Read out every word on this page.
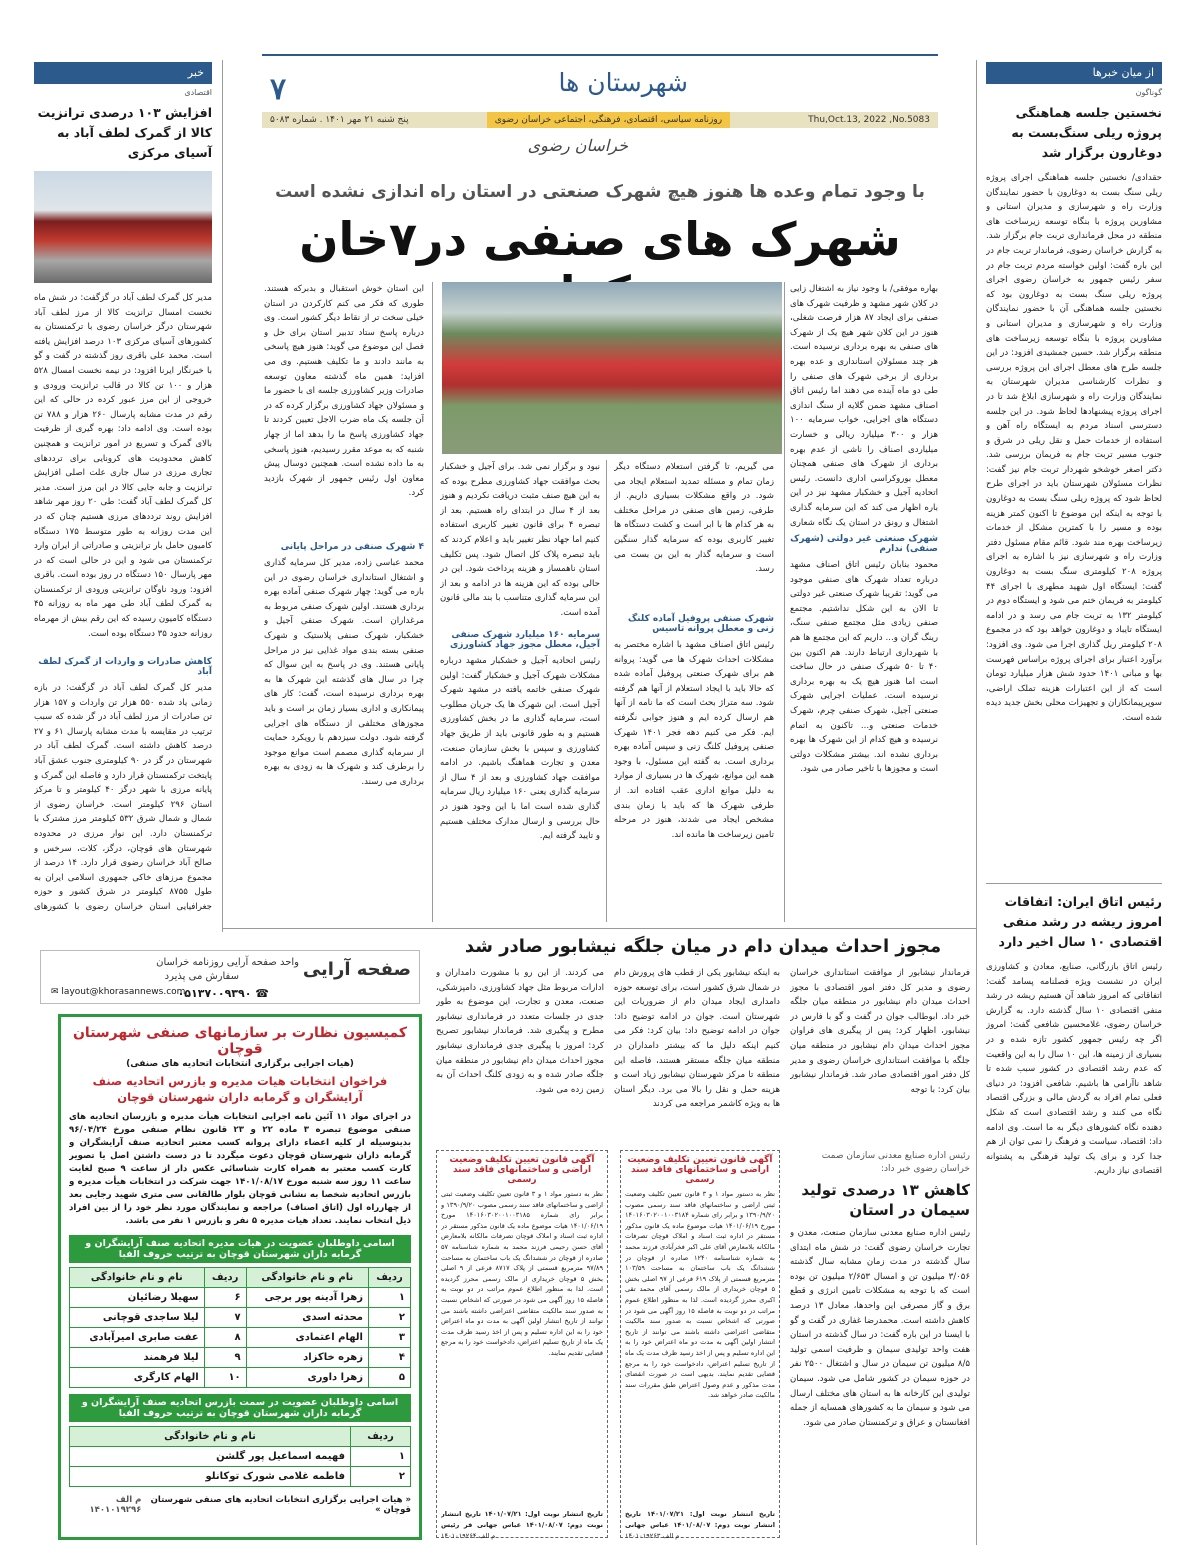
شهرستان ها
۷
Thu,Oct.13, 2022 ,No.5083
روزنامه سیاسی، اقتصادی، فرهنگی، اجتماعی خراسان رضوی
پنج شنبه ۲۱ مهر ۱۴۰۱ . شماره ۵۰۸۳
خراسان رضوی
از میان خبرها
گوناگون
نخستین جلسه هماهنگی پروژه ریلی سنگ‌بست به دوغارون برگزار شد
حقدادی/ نخستین جلسه هماهنگی اجرای پروژه ریلی سنگ بست به دوغارون با حضور نمایندگان وزارت راه و شهرسازی و مدیران استانی و مشاورین پروژه با بنگاه توسعه زیرساخت های منطقه در محل فرمانداری تربت جام برگزار شد. به گزارش خراسان رضوی، فرماندار تربت جام در این باره گفت: اولین خواسته مردم تربت جام در سفر رئیس جمهور به خراسان رضوی اجرای پروژه ریلی سنگ بست به دوغارون بود که نخستین جلسه هماهنگی آن با حضور نمایندگان وزارت راه و شهرسازی و مدیران استانی و مشاورین پروژه با بنگاه توسعه زیرساخت های منطقه برگزار شد. حسین جمشیدی افزود: در این جلسه طرح های معطل اجرای این پروژه بررسی و نظرات کارشناسی مدیران شهرستان به نمایندگان وزارت راه و شهرسازی ابلاغ شد تا در اجرای پروژه پیشنهادها لحاظ شود. در این جلسه دسترسی اسناد مردم به ایستگاه راه آهن و استفاده از خدمات حمل و نقل ریلی در شرق و جنوب مسیر تربت جام به فریمان بررسی شد. دکتر اصغر خوشخو شهردار تربت جام نیز گفت: نظرات مسئولان شهرستان باید در اجرای طرح لحاظ شود که پروژه ریلی سنگ بست به دوغارون با توجه به اینکه این موضوع تا اکنون کمتر هزینه بوده و مسیر را با کمترین مشکل از خدمات زیرساخت بهره مند شود. قائم مقام مسئول دفتر وزارت راه و شهرسازی نیز با اشاره به اجرای پروژه ۲۰۸ کیلومتری سنگ بست به دوغارون گفت: ایستگاه اول شهید مطهری با اجرای ۴۴ کیلومتر به فریمان ختم می شود و ایستگاه دوم در کیلومتر ۱۳۲ به تربت جام می رسد و در ادامه ایستگاه تایباد و دوغارون خواهد بود که در مجموع ۲۰۸ کیلومتر ریل گذاری اجرا می شود. وی افزود: برآورد اعتبار برای اجرای پروژه براساس فهرست بها و مبانی ۱۴۰۱ حدود شش هزار میلیارد تومان است که از این اعتبارات هزینه تملک اراضی، سوپرپیمانکاران و تجهیزات محلی بخش جدید دیده شده است.
رئیس اتاق ایران: اتفاقات امروز ریشه در رشد منفی اقتصادی ۱۰ سال اخیر دارد
رئیس اتاق بازرگانی، صنایع، معادن و کشاورزی ایران در نشست ویژه فصلنامه پسامد گفت: اتفاقاتی که امروز شاهد آن هستیم ریشه در رشد منفی اقتصادی ۱۰ سال گذشته دارد. به گزارش خراسان رضوی، غلامحسین شافعی گفت: امروز اگر چه رئیس جمهور کشور تازه شده و در بسیاری از زمینه ها، این ۱۰ سال را به این واقعیت که عدم رشد اقتصادی در کشور سبب شده تا شاهد ناآرامی ها باشیم. شافعی افزود: در دنیای فعلی تمام افراد به گردش مالی و بزرگی اقتصاد نگاه می کنند و رشد اقتصادی است که شکل دهنده نگاه کشورهای دیگر به ما است. وی ادامه داد: اقتصاد، سیاست و فرهنگ را نمی توان از هم جدا کرد و برای یک تولید فرهنگی به پشتوانه اقتصادی نیاز داریم.
خبر
اقتصادی
افزایش ۱۰۳ درصدی ترانزیت کالا از گمرک لطف آباد به آسیای مرکزی
مدیر کل گمرک لطف آباد در گزگفت: در شش ماه نخست امسال ترانزیت کالا از مرز لطف آباد شهرستان درگز خراسان رضوی با ترکمنستان به کشورهای آسیای مرکزی ۱۰۳ درصد افزایش یافته است. محمد علی باقری روز گذشته در گفت و گو با خبرنگار ایرنا افزود: در نیمه نخست امسال ۵۲۸ هزار و ۱۰۰ تن کالا در قالب ترانزیت ورودی و خروجی از این مرز عبور کرده در حالی که این رقم در مدت مشابه پارسال ۲۶۰ هزار و ۷۸۸ تن بوده است. وی ادامه داد: بهره گیری از ظرفیت بالای گمرک و تسریع در امور ترانزیت و همچنین کاهش محدودیت های کرونایی برای ترددهای تجاری مرزی در سال جاری علت اصلی افزایش ترانزیت و جابه جایی کالا در این مرز است. مدیر کل گمرک لطف آباد گفت: طی ۲۰ روز مهر شاهد افزایش روند ترددهای مرزی هستیم چنان که در این مدت روزانه به طور متوسط ۱۷۵ دستگاه کامیون حامل بار ترانزیتی و صادراتی از ایران وارد ترکمنستان می شود و این در حالی است که در مهر پارسال ۱۵۰ دستگاه در روز بوده است. باقری افزود: ورود ناوگان ترانزیتی ورودی از ترکمنستان به گمرک لطف آباد طی مهر ماه به روزانه ۴۵ دستگاه کامیون رسیده که این رقم بیش از مهرماه روزانه حدود ۳۵ دستگاه بوده است.
کاهش صادرات و واردات از گمرک لطف آباد
مدیر کل گمرک لطف آباد در گزگفت: در بازه زمانی یاد شده ۵۵۰ هزار تن واردات و ۱۵۷ هزار تن صادرات از مرز لطف آباد در گز شده که سبب ترتیب در مقایسه با مدت مشابه پارسال ۶۱ و ۲۷ درصد کاهش داشته است. گمرک لطف آباد در شهرستان در گز در ۹۰ کیلومتری جنوب عشق آباد پایتخت ترکمنستان قرار دارد و فاصله این گمرک و پایانه مرزی با شهر درگز ۴۰ کیلومتر و تا مرکز استان ۲۹۶ کیلومتر است. خراسان رضوی از شمال و شمال شرق ۵۳۲ کیلومتر مرز مشترک با ترکمنستان دارد. این نوار مرزی در محدوده شهرستان های قوچان، درگز، کلات، سرخس و صالح آباد خراسان رضوی قرار دارد. ۱۴ درصد از مجموع مرزهای خاکی جمهوری اسلامی ایران به طول ۸۷۵۵ کیلومتر در شرق کشور و حوزه جغرافیایی استان خراسان رضوی با کشورهای
با وجود تمام وعده ها هنوز هیچ شهرک صنعتی در استان راه اندازی نشده است
شهرک های صنفی در۷خان
بهاره موفقی/ با وجود نیاز به اشتغال زایی در کلان شهر مشهد و ظرفیت شهرک های صنفی برای ایجاد ۸۷ هزار فرصت شغلی، هنوز در این کلان شهر هیچ یک از شهرک های صنفی به بهره برداری نرسیده است. هر چند مسئولان استانداری و عده بهره برداری از برخی شهرک های صنفی را طی دو ماه آینده می دهند اما رئیس اتاق اصناف مشهد ضمن گلایه از سنگ اندازی دستگاه های اجرایی، خواب سرمایه ۱۰۰ هزار و ۳۰۰ میلیارد ریالی و خسارت میلیاردی اصناف را ناشی از عدم بهره برداری از شهرک های صنفی همچنان معطل بوروکراسی اداری دانست. رئیس اتحادیه آجیل و خشکبار مشهد نیز در این باره اظهار می کند که این سرمایه گذاری اشتغال و رونق در استان یک نگاه شعاری
شهرک صنعتی غیر دولتی (شهرک صنفی) ندارم
محمود بنابان رئیس اتاق اصناف مشهد درباره تعداد شهرک های صنفی موجود می گوید: تقریبا شهرک صنعتی غیر دولتی تا الان به این شکل نداشتیم. مجتمع صنفی زیادی مثل مجتمع صنفی سنگ، رینگ گران و... داریم که این مجتمع ها هم با شهرداری ارتباط دارند. هم اکنون بین ۴۰ تا ۵۰ شهرک صنفی در حال ساخت است اما هنوز هیچ یک به بهره برداری نرسیده است. عملیات اجرایی شهرک صنعتی آجیل، شهرک صنفی چرم، شهرک خدمات صنعتی و... تاکنون به اتمام نرسیده و هیچ کدام از این شهرک ها بهره برداری نشده اند. بیشتر مشکلات دولتی است و مجوزها با تاخیر صادر می شود.
می گیریم، تا گرفتن استعلام دستگاه دیگر زمان تمام و مسئله تمدید استعلام ایجاد می شود. در واقع مشکلات بسیاری داریم. از طرفی، زمین های صنفی در مراحل مختلف به هر کدام ها با ابر است و کشت دستگاه ها تغییر کاربری بوده که سرمایه گذار سنگین است و سرمایه گذار به این بن بست می رسد.
شهرک صنفی پروفیل آماده کلنگ زنی و معطل پروانه تاسیس
رئیس اتاق اصناف مشهد با اشاره مختصر به مشکلات احداث شهرک ها می گوید: پروانه هم برای شهرک صنعتی پروفیل آماده شده که حالا باید با ایجاد استعلام از آنها هم گرفته شود. سه متراژ بحث است که ما نامه از آنها هم ارسال کرده ایم و هنوز جوابی نگرفته ایم. فکر می کنیم دهه فجر ۱۴۰۱ شهرک صنفی پروفیل کلنگ زنی و سپس آماده بهره برداری است. به گفته این مسئول، با وجود همه این موانع، شهرک ها در بسیاری از موارد به دلیل موانع اداری عقب افتاده اند. از طرفی شهرک ها که باید با زمان بندی مشخص ایجاد می شدند، هنوز در مرحله تامین زیرساخت ها مانده اند.
نبود و برگزار نمی شد. برای آجیل و خشکبار بحث موافقت جهاد کشاورزی مطرح بوده که به این هیچ صنف مثبت دریافت نکردیم و هنوز بعد از ۴ سال در ابتدای راه هستیم. بعد از تبصره ۴ برای قانون تغییر کاربری استفاده کنیم اما جهاد نظر تغییر باید و اعلام کردند که باید تبصره پلاک کل اتصال شود. پس تکلیف استان ناهمساز و هزینه پرداخت شود. این در حالی بوده که این هزینه ها در ادامه و بعد از این سرمایه گذاری متناسب با بند مالی قانون آمده است.
سرمایه ۱۶۰ میلیارد شهرک صنفی آجیل، معطل مجوز جهاد کشاورزی
رئیس اتحادیه آجیل و خشکبار مشهد درباره مشکلات شهرک آجیل و خشکبار گفت: اولین شهرک صنفی خاتمه یافته در مشهد شهرک آجیل است. این شهرک ها یک جریان مطلوب است، سرمایه گذاری ما در بخش کشاورزی هستیم و به طور قانونی باید از طریق جهاد کشاورزی و سپس با بخش سازمان صنعت، معدن و تجارت هماهنگ باشیم. در ادامه موافقت جهاد کشاورزی و بعد از ۴ سال از سرمایه گذاری یعنی ۱۶۰ میلیارد ریال سرمایه گذاری شده است اما با این وجود هنوز در حال بررسی و ارسال مدارک مختلف هستیم و تایید گرفته ایم.
این استان خوش استقبال و بدبرکه هستند. طوری که فکر می کنم کارکردن در استان خیلی سخت تر از نقاط دیگر کشور است. وی درباره پاسخ ستاد تدبیر استان برای حل و فصل این موضوع می گوید: هنوز هیچ پاسخی به مانند دادند و ما تکلیف هستیم. وی می افزاید: همین ماه گذشته معاون توسعه صادرات وزیر کشاورزی جلسه ای با حضور ما و مسئولان جهاد کشاورزی برگزار کرده که در آن جلسه یک ماه ضرب الاجل تعیین کردند تا جهاد کشاورزی پاسخ ما را بدهد اما از چهار شنبه که به موعد مقرر رسیدیم، هنوز پاسخی به ما داده نشده است. همچنین دوسال پیش معاون اول رئیس جمهور از شهرک بازدید کرد.
۴ شهرک صنفی در مراحل پایانی
محمد عباسی زاده، مدیر کل سرمایه گذاری و اشتغال استانداری خراسان رضوی در این باره می گوید: چهار شهرک صنفی آماده بهره برداری هستند. اولین شهرک صنفی مربوط به مرغداران است. شهرک صنفی آجیل و خشکبار، شهرک صنفی پلاستیک و شهرک صنفی بسته بندی مواد غذایی نیز در مراحل پایانی هستند. وی در پاسخ به این سوال که چرا در سال های گذشته این شهرک ها به بهره برداری نرسیده است، گفت: کار های پیمانکاری و اداری بسیار زمان بر است و باید مجوزهای مختلفی از دستگاه های اجرایی گرفته شود. دولت سیزدهم با رویکرد حمایت از سرمایه گذاری مصمم است موانع موجود را برطرف کند و شهرک ها به زودی به بهره برداری می رسند.
مجوز احداث میدان دام در میان جلگه نیشابور صادر شد
فرماندار نیشابور از موافقت استانداری خراسان رضوی و مدیر کل دفتر امور اقتصادی با مجوز احداث میدان دام نیشابور در منطقه میان جلگه خبر داد. ابوطالب جوان در گفت و گو با فارس در نیشابور، اظهار کرد: پس از پیگیری های فراوان مجوز احداث میدان دام نیشابور در منطقه میان جلگه با موافقت استانداری خراسان رضوی و مدیر کل دفتر امور اقتصادی صادر شد. فرماندار نیشابور بیان کرد: با توجه
به اینکه نیشابور یکی از قطب های پرورش دام در شمال شرق کشور است، برای توسعه حوزه دامداری ایجاد میدان دام از ضروریات این شهرستان است. جوان در ادامه توضیح داد: جوان در ادامه توضیح داد: بیان کرد: فکر می کنیم اینکه دلیل ما که بیشتر دامداران در منطقه میان جلگه مستقر هستند، فاصله این منطقه تا مرکز شهرستان نیشابور زیاد است و هزینه حمل و نقل را بالا می برد. دیگر استان ها به ویژه کاشمر مراجعه می کردند
می کردند. از این رو با مشورت دامداران و ادارات مربوط مثل جهاد کشاورزی، دامپزشکی، صنعت، معدن و تجارت، این موضوع به طور جدی در جلسات متعدد در فرمانداری نیشابور مطرح و پیگیری شد. فرماندار نیشابور تصریح کرد: امروز با پیگیری جدی فرمانداری نیشابور مجوز احداث میدان دام نیشابور در منطقه میان جلگه صادر شده و به زودی کلنگ احداث آن به زمین زده می شود.
رئیس اداره صنایع معدنی سازمان صمت خراسان رضوی خبر داد:
کاهش ۱۳ درصدی تولید سیمان در استان
رئیس اداره صنایع معدنی سازمان صنعت، معدن و تجارت خراسان رضوی گفت: در شش ماه ابتدای سال گذشته در مدت زمان مشابه سال گذشته ۳/۰۵۶ میلیون تن و امسال ۲/۶۵۳ میلیون تن بوده است که با توجه به مشکلات تامین انرژی و قطع برق و گاز مصرفی این واحدها، معادل ۱۳ درصد کاهش داشته است. محمدرضا غفاری در گفت و گو با ایسنا در این باره گفت: در سال گذشته در استان هفت واحد تولیدی سیمان و ظرفیت اسمی تولید ۸/۵ میلیون تن سیمان در سال و اشتغال ۲۵۰۰ نفر در حوزه سیمان در کشور شامل می شود. سیمان تولیدی این کارخانه ها به استان های مختلف ارسال می شود و سیمان ما به کشورهای همسایه از جمله افغانستان و عراق و ترکمنستان صادر می شود.
آگهی قانون تعیین تکلیف وضعیت اراضی و ساختمانهای فاقد سند رسمی
نظر به دستور مواد ۱ و ۳ قانون تعیین تکلیف وضعیت ثبتی اراضی و ساختمانهای فاقد سند رسمی مصوب ۱۳۹۰/۹/۲۰ و برابر رای شماره ۱۴۰۱۶۰۳۰۲۰۰۱۰۰۳۱۸۴ مورخ ۱۴۰۱/۰۶/۱۹ هیات موضوع ماده یک قانون مذکور مستقر در اداره ثبت اسناد و املاک قوچان تصرفات مالکانه بلامعارض آقای علی اکبر فخرآبادی فرزند محمد به شماره شناسنامه ۱۲۴۰ صادره از قوچان در ششدانگ یک باب ساختمان به مساحت ۱۰۳/۵۹ مترمربع قسمتی از پلاک ۶۱۹ فرعی از ۹۷ اصلی بخش ۵ قوچان خریداری از مالک رسمی آقای محمد تقی اکبری محرز گردیده است. لذا به منظور اطلاع عموم مراتب در دو نوبت به فاصله ۱۵ روز آگهی می شود در صورتی که اشخاص نسبت به صدور سند مالکیت متقاضی اعتراضی داشته باشند می توانند از تاریخ انتشار اولین آگهی به مدت دو ماه اعتراض خود را به این اداره تسلیم و پس از اخذ رسید ظرف مدت یک ماه از تاریخ تسلیم اعتراض، دادخواست خود را به مرجع قضایی تقدیم نمایند. بدیهی است در صورت انقضای مدت مذکور و عدم وصول اعتراض طبق مقررات سند مالکیت صادر خواهد شد.
تاریخ انتشار نوبت اول: ۱۴۰۱/۰۷/۲۱ تاریخ انتشار نوبت دوم: ۱۴۰۱/۰۸/۰۷ عباس جهانی
م الف ۱۴۰۱۰۱۹۲۶۳
آگهی قانون تعیین تکلیف وضعیت اراضی و ساختمانهای فاقد سند رسمی
نظر به دستور مواد ۱ و ۳ قانون تعیین تکلیف وضعیت ثبتی اراضی و ساختمانهای فاقد سند رسمی مصوب ۱۳۹۰/۹/۲۰ و برابر رای شماره ۱۴۰۱۶۰۳۰۲۰۰۱۰۰۳۱۸۵ مورخ ۱۴۰۱/۰۶/۱۹ هیات موضوع ماده یک قانون مذکور مستقر در اداره ثبت اسناد و املاک قوچان تصرفات مالکانه بلامعارض آقای حسن رحیمی فرزند محمد به شماره شناسنامه ۵۷ صادره از قوچان در ششدانگ یک باب ساختمان به مساحت ۹۷/۸۹ مترمربع قسمتی از پلاک ۸۷۱۷ فرعی از ۹ اصلی بخش ۵ قوچان خریداری از مالک رسمی محرز گردیده است. لذا به منظور اطلاع عموم مراتب در دو نوبت به فاصله ۱۵ روز آگهی می شود در صورتی که اشخاص نسبت به صدور سند مالکیت متقاضی اعتراضی داشته باشند می توانند از تاریخ انتشار اولین آگهی به مدت دو ماه اعتراض خود را به این اداره تسلیم و پس از اخذ رسید ظرف مدت یک ماه از تاریخ تسلیم اعتراض، دادخواست خود را به مرجع قضایی تقدیم نمایند.
تاریخ انتشار نوبت اول: ۱۴۰۱/۰۷/۲۱ تاریخ انتشار نوبت دوم: ۱۴۰۱/۰۸/۰۷ عباس جهانی فر رئیس
م الف ۱۴۰۱۰۱۹۲۶۴
صفحه آرایی
واحد صفحه آرایی روزنامه خراسان
سفارش می پذیرد
☎ ۰۵۱۳۷۰۰۹۳۹۰
✉ layout@khorasannews.com
کمیسیون نظارت بر سازمانهای صنفی شهرستان قوچان
(هیات اجرایی برگزاری انتخابات اتحادیه های صنفی)
فراخوان انتخابات هیات مدیره و بازرس اتحادیه صنف آرایشگران و گرمابه داران شهرستان قوچان
در اجرای مواد ۱۱ آئین نامه اجرایی انتخابات هیأت مدیره و بازرسان اتحادیه های صنفی موضوع تبصره ۳ ماده ۲۲ و ۲۳ قانون نظام صنفی مورخ ۹۶/۰۴/۲۴ بدینوسیله از کلیه اعضاء دارای پروانه کسب معتبر اتحادیه صنف آرایشگران و گرمابه داران شهرستان قوچان دعوت میگردد تا در دست داشتن اصل یا تصویر کارت کسب معتبر به همراه کارت شناسائی عکس دار از ساعت ۹ صبح لغایت ساعت ۱۱ روز سه شنبه مورخ ۱۴۰۱/۰۸/۱۷ جهت شرکت در انتخابات هیأت مدیره و بازرس اتحادیه شخصا به نشانی قوچان بلوار طالقانی سی متری شهید رجایی بعد از چهارراه اول (اتاق اصناف) مراجعه و نمایندگان مورد نظر خود را از بین افراد ذیل انتخاب نمایند. تعداد هیات مدیره ۵ نفر و بازرس ۱ نفر می باشد.
اسامی داوطلبان عضویت در هیات مدیره اتحادیه صنف آرایشگران و گرمابه داران شهرستان قوچان به ترتیب حروف الفبا
ردیف	نام و نام خانوادگی	ردیف	نام و نام خانوادگی
۱	زهرا آدینه پور برجی	۶	سهیلا رضائیان
۲	محدثه اسدی	۷	لیلا ساجدی قوچانی
۳	الهام اعتمادی	۸	عفت صابری امیرآبادی
۴	زهره خاکزاد	۹	لیلا فرهمند
۵	زهرا داوری	۱۰	الهام کارگری
اسامی داوطلبان عضویت در سمت بازرس اتحادیه صنف آرایشگران و گرمابه داران شهرستان قوچان به ترتیب حروف الفبا
ردیف	نام و نام خانوادگی
۱	فهیمه اسماعیل پور گلشن
۲	فاطمه غلامی شورک توکانلو
« هیات اجرایی برگزاری انتخابات اتحادیه های صنفی شهرستان قوچان »
م الف ۱۴۰۱۰۱۹۲۹۶
